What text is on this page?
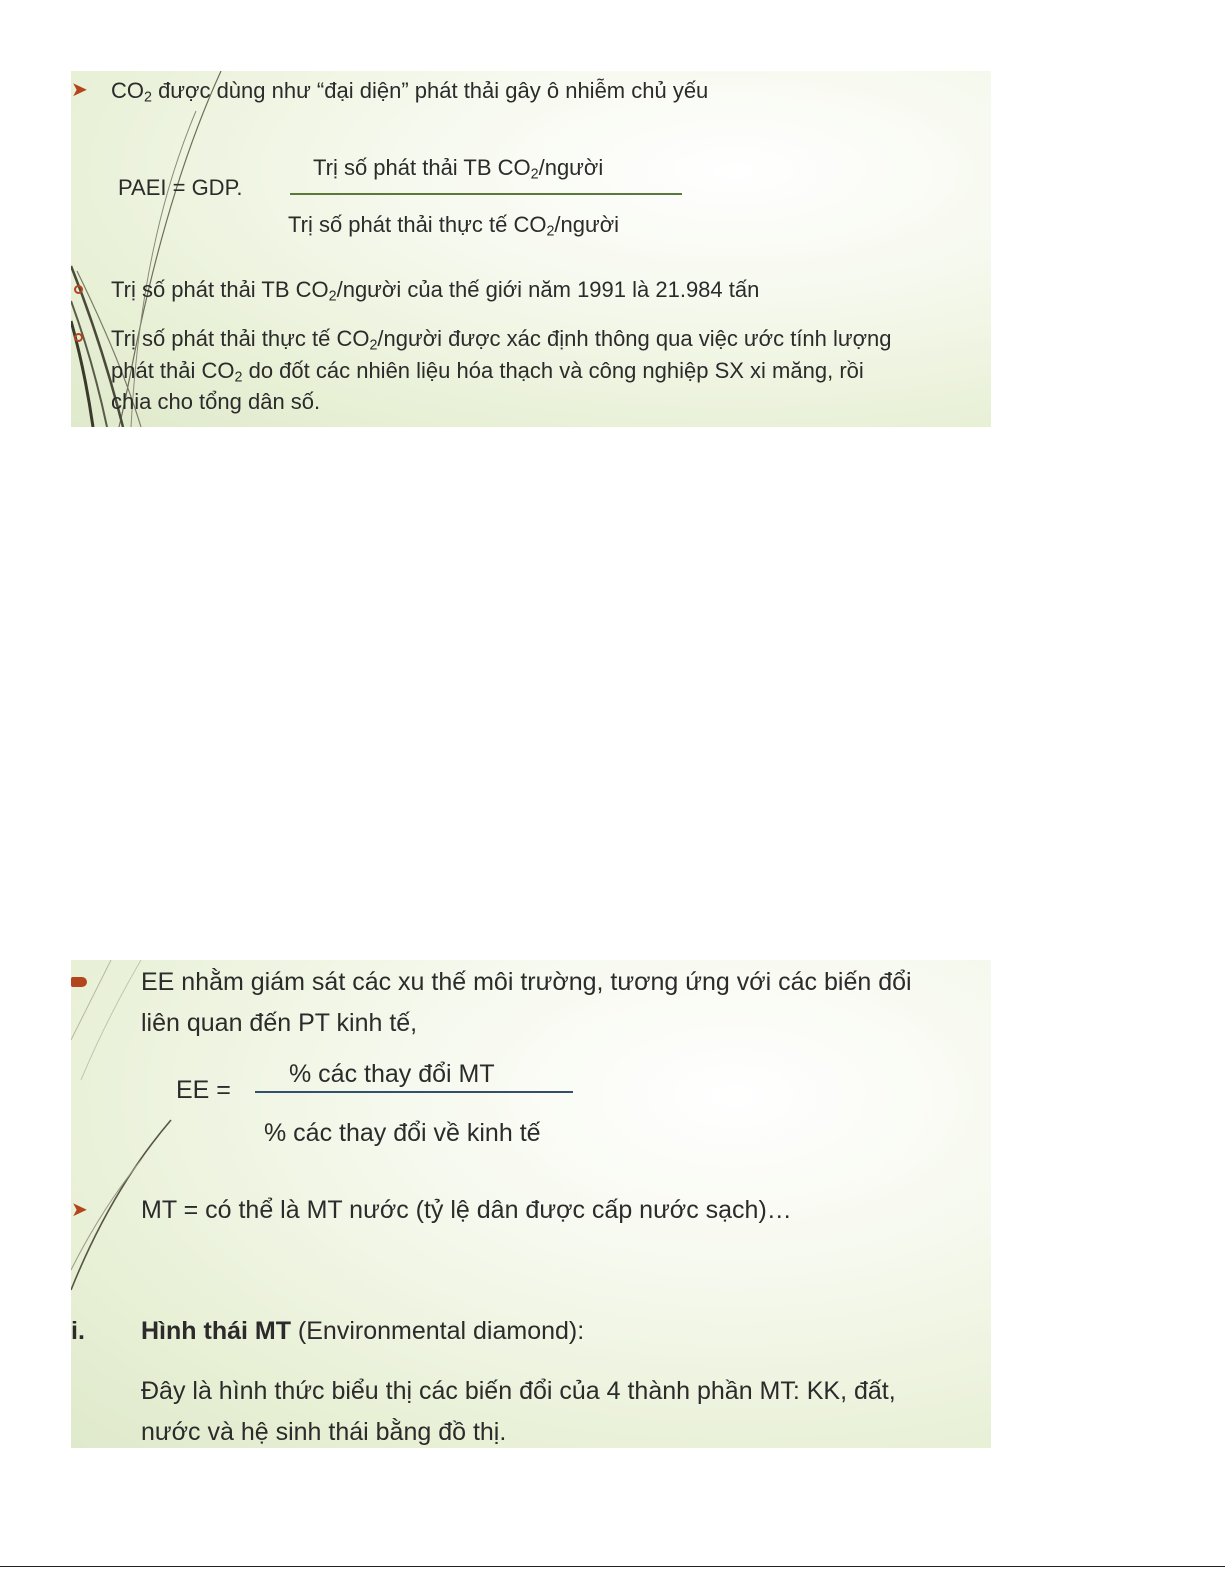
➤ $CO_2$ được dùng như “đại diện” phát thải gây ô nhiễm chủ yếu
PAEI = GDP.
Trị số phát thải TB $CO_2$/người
Trị số phát thải thực tế $CO_2$/người
Trị số phát thải TB $CO_2$/người của thế giới năm 1991 là 21.984 tấn
Trị số phát thải thực tế $CO_2$/người được xác định thông qua việc ước tính lượng
phát thải $CO_2$ do đốt các nhiên liệu hóa thạch và công nghiệp SX xi măng, rồi
chia cho tổng dân số.
EE nhằm giám sát các xu thế môi trường, tương ứng với các biến đổi
liên quan đến PT kinh tế,
EE =
% các thay đổi MT
% các thay đổi về kinh tế
➤ MT = có thể là MT nước (tỷ lệ dân được cấp nước sạch)…
i. Hình thái MT (Environmental diamond):
Đây là hình thức biểu thị các biến đổi của 4 thành phần MT: KK, đất,
nước và hệ sinh thái bằng đồ thị.
